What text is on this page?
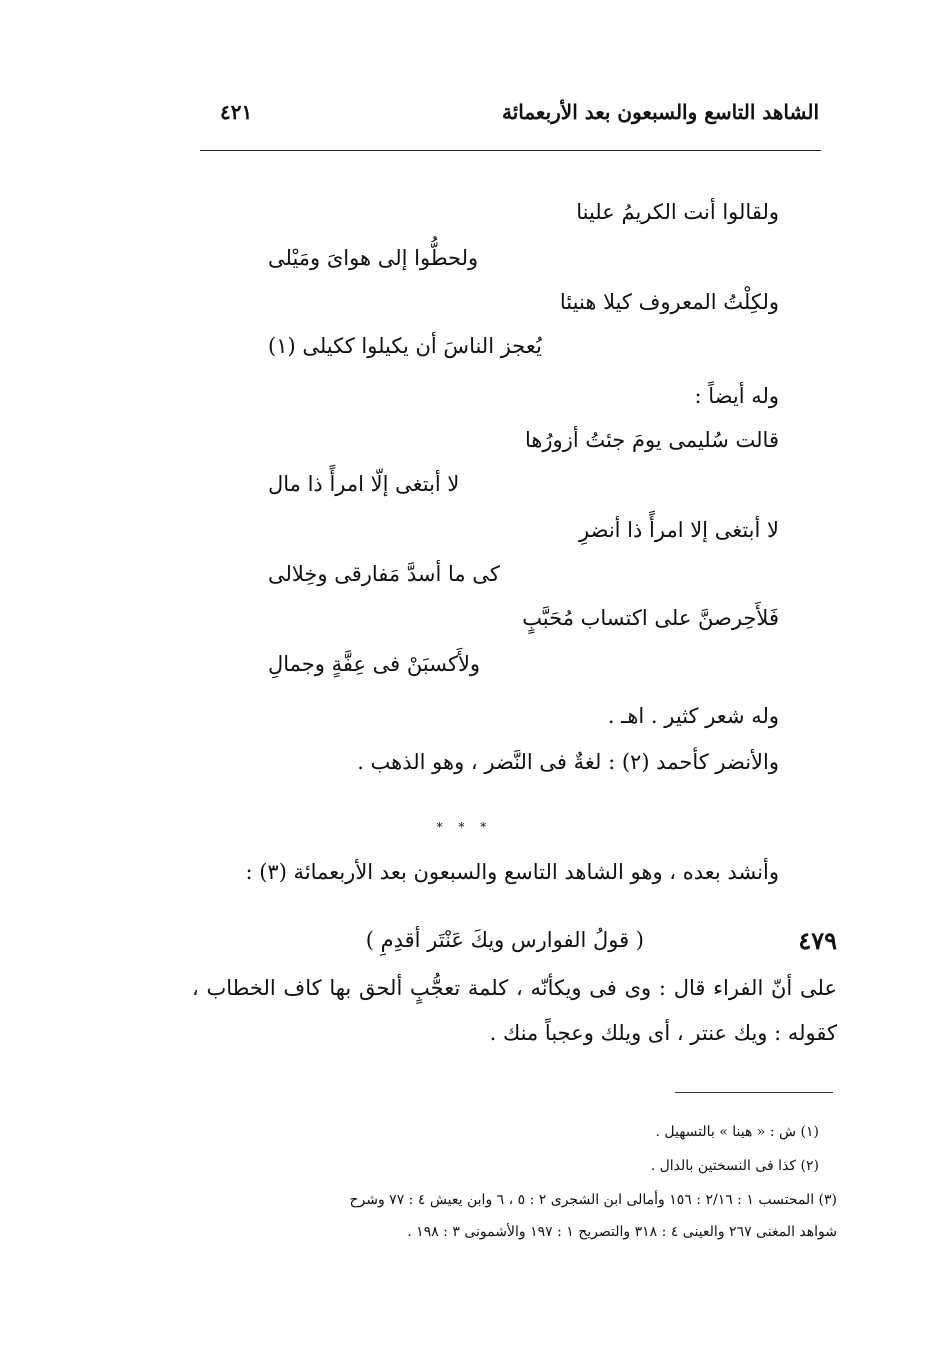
الشاهد التاسع والسبعون بعد الأربعمائة
٤٢١
ولقالوا أنت الكريمُ علينا
ولحطُّوا إلى هواىَ ومَيْلى
ولكِلْتُ المعروف كيلا هنيئا
يُعجز الناسَ أن يكيلوا ككيلى (١)
وله أيضاً :
قالت سُليمى يومَ جئتُ أزورُها
لا أبتغى إلّا امرأً ذا مال
لا أبتغى إلا امرأً ذا أنضرِ
كى ما أسدَّ مَفارقى وخِلالى
فَلأَحِرصنَّ على اكتساب مُحَبَّبٍ
ولأَكسبَنْ فى عِفَّةٍ وجمالِ
وله شعر كثير . اهـ .
والأنضر كأحمد (٢) : لغةٌ فى النَّضر ، وهو الذهب .
* * *
وأنشد بعده ، وهو الشاهد التاسع والسبعون بعد الأربعمائة (٣) :
٤٧٩
( قولُ الفوارس ويكَ عَنْتَر أقدِمِ )
على أنّ الفراء قال : وى فى ويكأنّه ، كلمة تعجُّبٍ ألحق بها كاف الخطاب ، كقوله : ويك عنتر ، أى ويلك وعجباً منك .
(١) ش : « هينا » بالتسهيل .
(٢) كذا فى النسختين بالدال .
(٣) المحتسب ١ : ٢/١٦ : ١٥٦ وأمالى ابن الشجرى ٢ : ٥ ، ٦ وابن يعيش ٤ : ٧٧ وشرح
شواهد المغنى ٢٦٧ والعينى ٤ : ٣١٨ والتصريح ١ : ١٩٧ والأشمونى ٣ : ١٩٨ .
